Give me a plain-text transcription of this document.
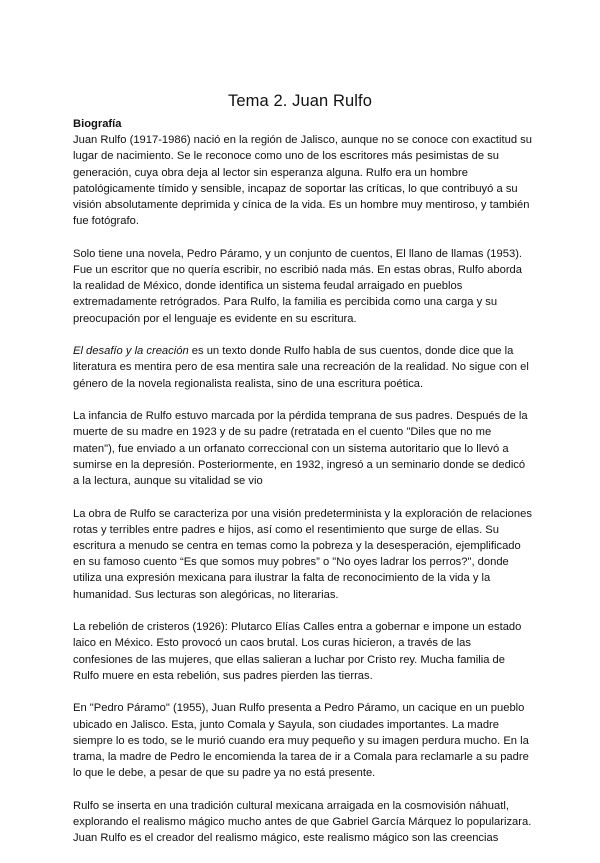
Tema 2. Juan Rulfo

Biografía

Juan Rulfo (1917-1986) nació en la región de Jalisco, aunque no se conoce con exactitud su lugar de nacimiento. Se le reconoce como uno de los escritores más pesimistas de su generación, cuya obra deja al lector sin esperanza alguna. Rulfo era un hombre patológicamente tímido y sensible, incapaz de soportar las críticas, lo que contribuyó a su visión absolutamente deprimida y cínica de la vida. Es un hombre muy mentiroso, y también fue fotógrafo.

Solo tiene una novela, Pedro Páramo, y un conjunto de cuentos, El llano de llamas (1953). Fue un escritor que no quería escribir, no escribió nada más. En estas obras, Rulfo aborda la realidad de México, donde identifica un sistema feudal arraigado en pueblos extremadamente retrógrados. Para Rulfo, la familia es percibida como una carga y su preocupación por el lenguaje es evidente en su escritura.

El desafío y la creación es un texto donde Rulfo habla de sus cuentos, donde dice que la literatura es mentira pero de esa mentira sale una recreación de la realidad. No sigue con el género de la novela regionalista realista, sino de una escritura poética.

La infancia de Rulfo estuvo marcada por la pérdida temprana de sus padres. Después de la muerte de su madre en 1923 y de su padre (retratada en el cuento "Diles que no me maten"), fue enviado a un orfanato correccional con un sistema autoritario que lo llevó a sumirse en la depresión. Posteriormente, en 1932, ingresó a un seminario donde se dedicó a la lectura, aunque su vitalidad se vio

La obra de Rulfo se caracteriza por una visión predeterminista y la exploración de relaciones rotas y terribles entre padres e hijos, así como el resentimiento que surge de ellas. Su escritura a menudo se centra en temas como la pobreza y la desesperación, ejemplificado en su famoso cuento “Es que somos muy pobres” o "No oyes ladrar los perros?", donde utiliza una expresión mexicana para ilustrar la falta de reconocimiento de la vida y la humanidad. Sus lecturas son alegóricas, no literarias.

La rebelión de cristeros (1926): Plutarco Elías Calles entra a gobernar e impone un estado laico en México. Esto provocó un caos brutal. Los curas hicieron, a través de las confesiones de las mujeres, que ellas salieran a luchar por Cristo rey. Mucha familia de Rulfo muere en esta rebelión, sus padres pierden las tierras.

En "Pedro Páramo" (1955), Juan Rulfo presenta a Pedro Páramo, un cacique en un pueblo ubicado en Jalisco. Esta, junto Comala y Sayula, son ciudades importantes. La madre siempre lo es todo, se le murió cuando era muy pequeño y su imagen perdura mucho. En la trama, la madre de Pedro le encomienda la tarea de ir a Comala para reclamarle a su padre lo que le debe, a pesar de que su padre ya no está presente.

Rulfo se inserta en una tradición cultural mexicana arraigada en la cosmovisión náhuatl, explorando el realismo mágico mucho antes de que Gabriel García Márquez lo popularizara. Juan Rulfo es el creador del realismo mágico, este realismo mágico son las creencias
